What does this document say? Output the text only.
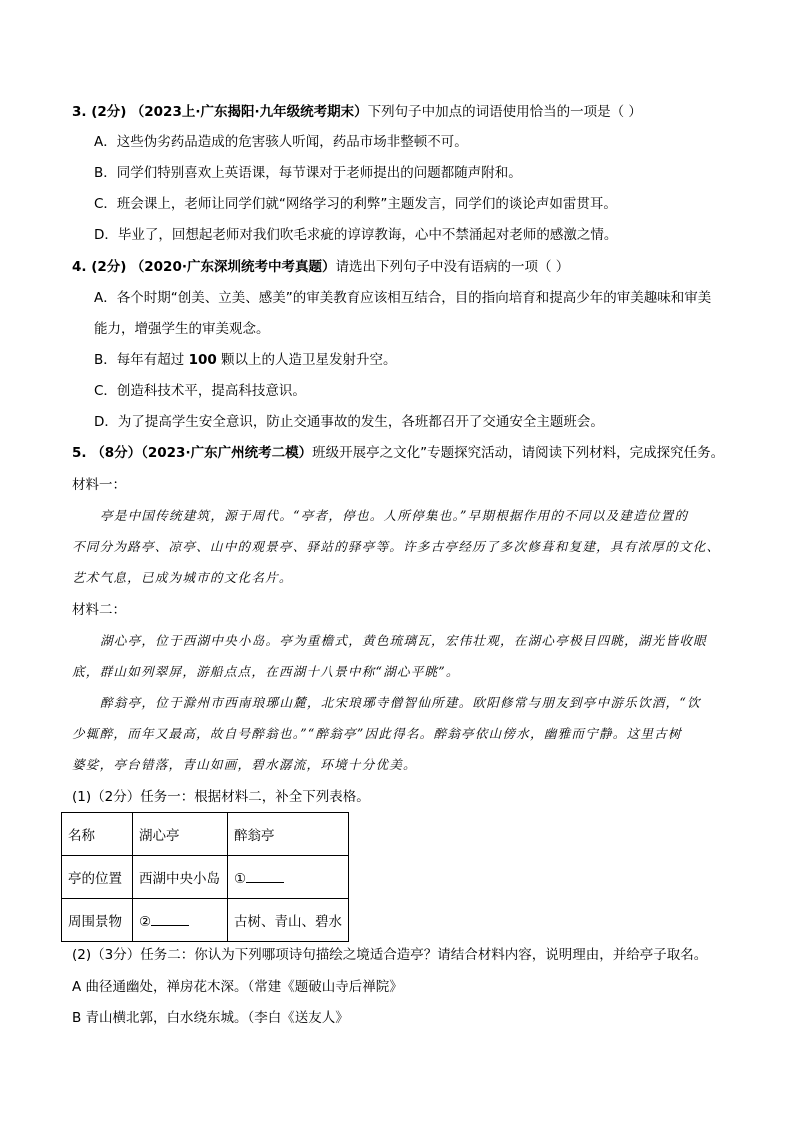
3. (2分) （2023上·广东揭阳·九年级统考期末）下列句子中加点的词语使用恰当的一项是（ ）
A．这些伪劣药品造成的危害骇人听闻，药品市场非整顿不可。
B．同学们特别喜欢上英语课，每节课对于老师提出的问题都随声附和。
C．班会课上，老师让同学们就“网络学习的利弊”主题发言，同学们的谈论声如雷贯耳。
D．毕业了，回想起老师对我们吹毛求疵的谆谆教诲，心中不禁涌起对老师的感激之情。
4. (2分) （2020·广东深圳统考中考真题）请选出下列句子中没有语病的一项（ ）
A．各个时期“创美、立美、感美”的审美教育应该相互结合，目的指向培育和提高少年的审美趣味和审美
能力，增强学生的审美观念。
B．每年有超过 100 颗以上的人造卫星发射升空。
C．创造科技术平，提高科技意识。
D．为了提高学生安全意识，防止交通事故的发生，各班都召开了交通安全主题班会。
5. （8分）（2023·广东广州统考二模）班级开展亭之文化”专题探究活动，请阅读下列材料，完成探究任务。
材料一：
亭是中国传统建筑，源于周代。“亭者，停也。人所停集也。”早期根据作用的不同以及建造位置的
不同分为路亭、凉亭、山中的观景亭、驿站的驿亭等。许多古亭经历了多次修葺和复建，具有浓厚的文化、
艺术气息，已成为城市的文化名片。
材料二：
湖心亭，位于西湖中央小岛。亭为重檐式，黄色琉璃瓦，宏伟壮观，在湖心亭极目四眺，湖光皆收眼
底，群山如列翠屏，游船点点，在西湖十八景中称“湖心平眺”。
醉翁亭，位于滁州市西南琅琊山麓，北宋琅琊寺僧智仙所建。欧阳修常与朋友到亭中游乐饮酒，“饮
少辄醉，而年又最高，故自号醉翁也。”“醉翁亭”因此得名。醉翁亭依山傍水，幽雅而宁静。这里古树
婆娑，亭台错落，青山如画，碧水潺流，环境十分优美。
(1)（2分）任务一：根据材料二，补全下列表格。
名称	湖心亭	醉翁亭
亭的位置	西湖中央小岛	①
周围景物	②	古树、青山、碧水
(2)（3分）任务二：你认为下列哪项诗句描绘之境适合造亭？请结合材料内容，说明理由，并给亭子取名。
A 曲径通幽处，禅房花木深。（常建《题破山寺后禅院》
B 青山横北郭，白水绕东城。（李白《送友人》
